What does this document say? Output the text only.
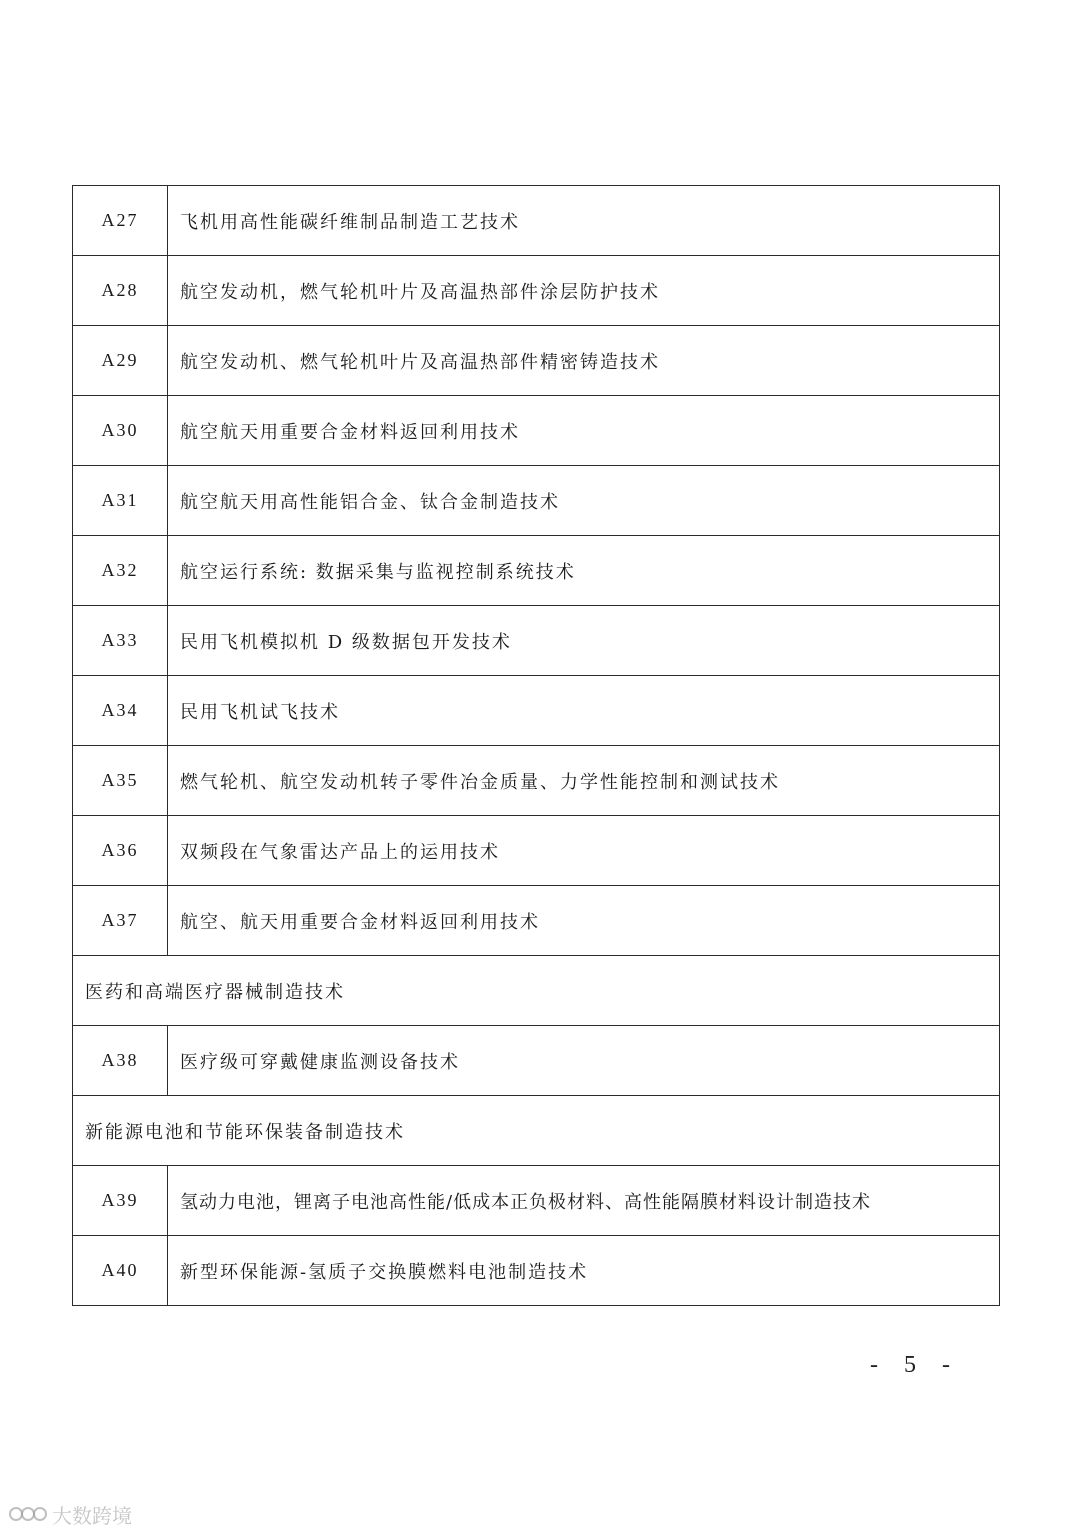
A27	飞机用高性能碳纤维制品制造工艺技术
A28	航空发动机，燃气轮机叶片及高温热部件涂层防护技术
A29	航空发动机、燃气轮机叶片及高温热部件精密铸造技术
A30	航空航天用重要合金材料返回利用技术
A31	航空航天用高性能铝合金、钛合金制造技术
A32	航空运行系统: 数据采集与监视控制系统技术
A33	民用飞机模拟机 D 级数据包开发技术
A34	民用飞机试飞技术
A35	燃气轮机、航空发动机转子零件冶金质量、力学性能控制和测试技术
A36	双频段在气象雷达产品上的运用技术
A37	航空、航天用重要合金材料返回利用技术
医药和高端医疗器械制造技术	
A38	医疗级可穿戴健康监测设备技术
新能源电池和节能环保装备制造技术	
A39	氢动力电池，锂离子电池高性能/低成本正负极材料、高性能隔膜材料设计制造技术
A40	新型环保能源-氢质子交换膜燃料电池制造技术
- 5 -
大数跨境
